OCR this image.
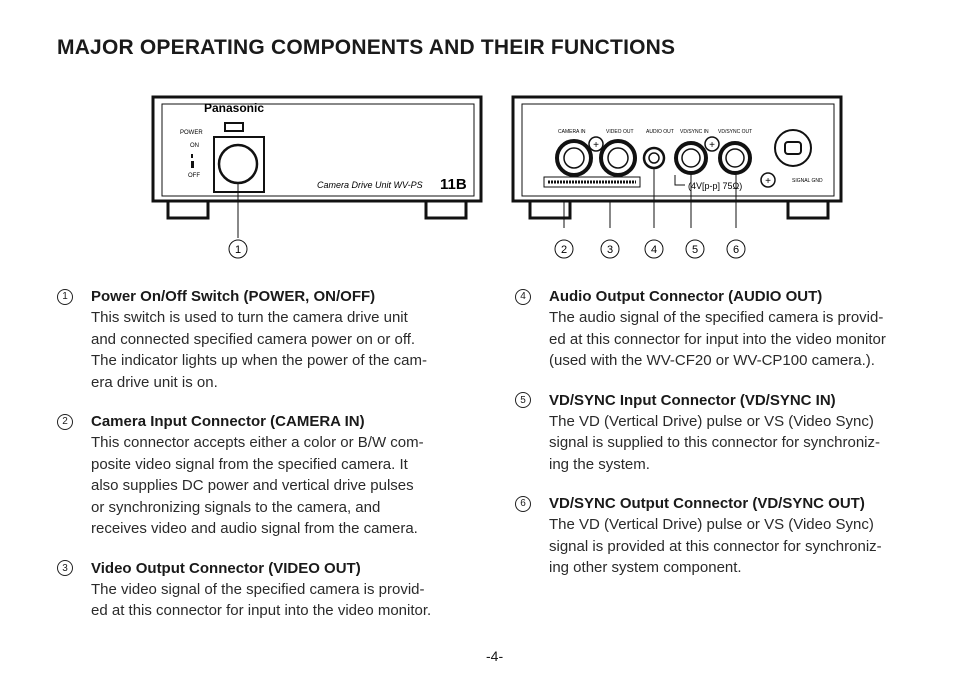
MAJOR OPERATING COMPONENTS AND THEIR FUNCTIONS
Panasonic
POWER
ON
OFF
Camera Drive Unit WV-PS 11B
1
CAMERA IN	VIDEO OUT AUDIO OUT VD/SYNC IN VD/SYNC OUT
+	+
(4V[p-p] 75Ω) +	SIGNAL GND
2	3	4	5	6
1	Power On/Off Switch (POWER, ON/OFF)
This switch is used to turn the camera drive unit
and connected specified camera power on or off.
The indicator lights up when the power of the cam-
era drive unit is on.
2	Camera Input Connector (CAMERA IN)
This connector accepts either a color or B/W com-
posite video signal from the specified camera. It
also supplies DC power and vertical drive pulses
or synchronizing signals to the camera, and
receives video and audio signal from the camera.
3	Video Output Connector (VIDEO OUT)
The video signal of the specified camera is provid-
ed at this connector for input into the video monitor.
4	Audio Output Connector (AUDIO OUT)
The audio signal of the specified camera is provid-
ed at this connector for input into the video monitor
(used with the WV-CF20 or WV-CP100 camera.).
5	VD/SYNC Input Connector (VD/SYNC IN)
The VD (Vertical Drive) pulse or VS (Video Sync)
signal is supplied to this connector for synchroniz-
ing the system.
6	VD/SYNC Output Connector (VD/SYNC OUT)
The VD (Vertical Drive) pulse or VS (Video Sync)
signal is provided at this connector for synchroniz-
ing other system component.
-4-
